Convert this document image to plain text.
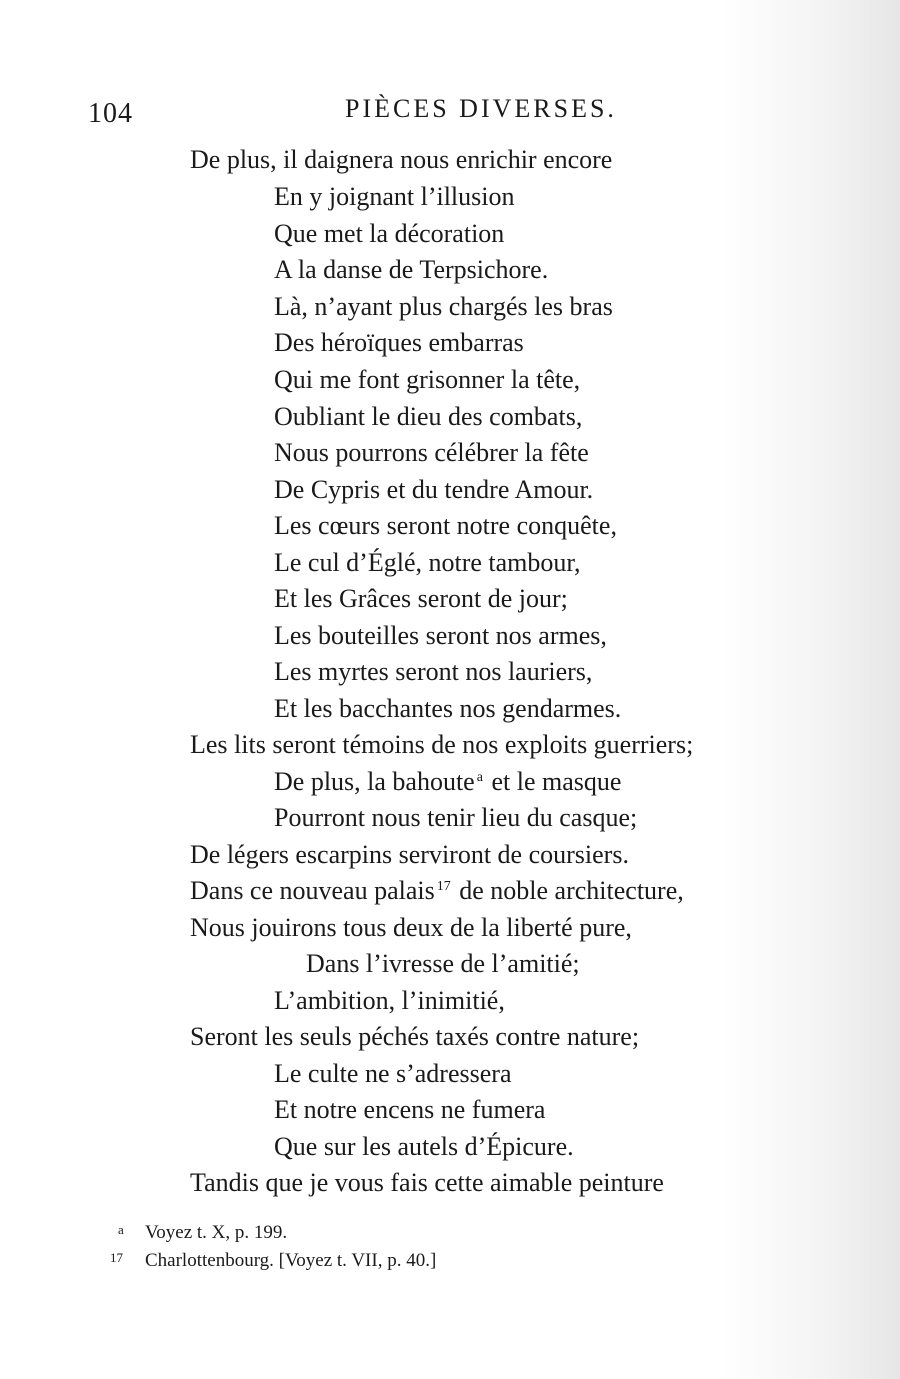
104	PIÈCES DIVERSES.
De plus, il daignera nous enrichir encore
En y joignant l’illusion
Que met la décoration
A la danse de Terpsichore.
Là, n’ayant plus chargés les bras
Des héroïques embarras
Qui me font grisonner la tête,
Oubliant le dieu des combats,
Nous pourrons célébrer la fête
De Cypris et du tendre Amour.
Les cœurs seront notre conquête,
Le cul d’Églé, notre tambour,
Et les Grâces seront de jour;
Les bouteilles seront nos armes,
Les myrtes seront nos lauriers,
Et les bacchantes nos gendarmes.
Les lits seront témoins de nos exploits guerriers;
De plus, la bahoute $^a$ et le masque
Pourront nous tenir lieu du casque;
De légers escarpins serviront de coursiers.
Dans ce nouveau palais $^{17}$ de noble architecture,
Nous jouirons tous deux de la liberté pure,
Dans l’ivresse de l’amitié;
L’ambition, l’inimitié,
Seront les seuls péchés taxés contre nature;
Le culte ne s’adressera
Et notre encens ne fumera
Que sur les autels d’Épicure.
Tandis que je vous fais cette aimable peinture
a Voyez t. X, p. 199.
17 Charlottenbourg. [Voyez t. VII, p. 40.]
